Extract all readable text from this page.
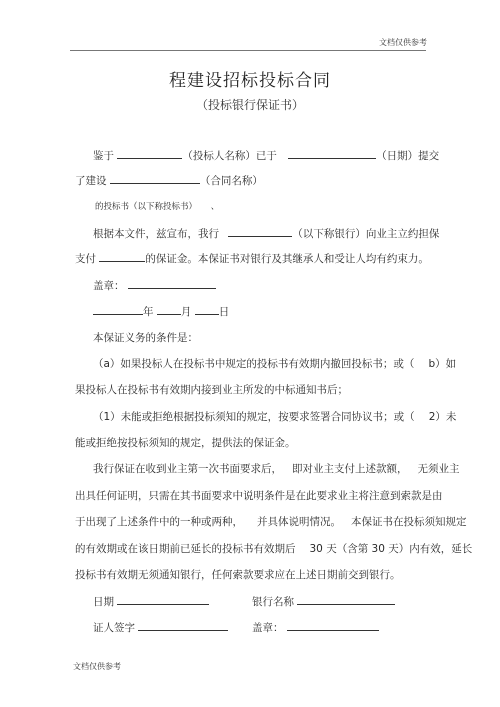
文档仅供参考
程建设招标投标合同
（投标银行保证书）
鉴于	（投标人名称）已于	（日期）提交
了建设	（合同名称）
的投标书（以下称投标书） 、
根据本文件，兹宣布，我行	（以下称银行）向业主立约担保
支付	的保证金。本保证书对银行及其继承人和受让人均有约束力。
盖章：
年	月	日
本保证义务的条件是：
（a）如果投标人在投标书中规定的投标书有效期内撤回投标书；或（ b）如
果投标人在投标书有效期内接到业主所发的中标通知书后；
（1）未能或拒绝根据投标须知的规定，按要求签署合同协议书；或（ 2）未
能或拒绝按投标须知的规定，提供法的保证金。
我行保证在收到业主第一次书面要求后， 即对业主支付上述款额， 无须业主
出具任何证明，只需在其书面要求中说明条件是在此要求业主将注意到索款是由
于出现了上述条件中的一种或两种， 并具体说明情况。 本保证书在投标须知规定
的有效期或在该日期前已延长的投标书有效期后 30 天（含第 30 天）内有效，延长
投标书有效期无须通知银行，任何索款要求应在上述日期前交到银行。
日期	银行名称
证人签字	盖章：
文档仅供参考
